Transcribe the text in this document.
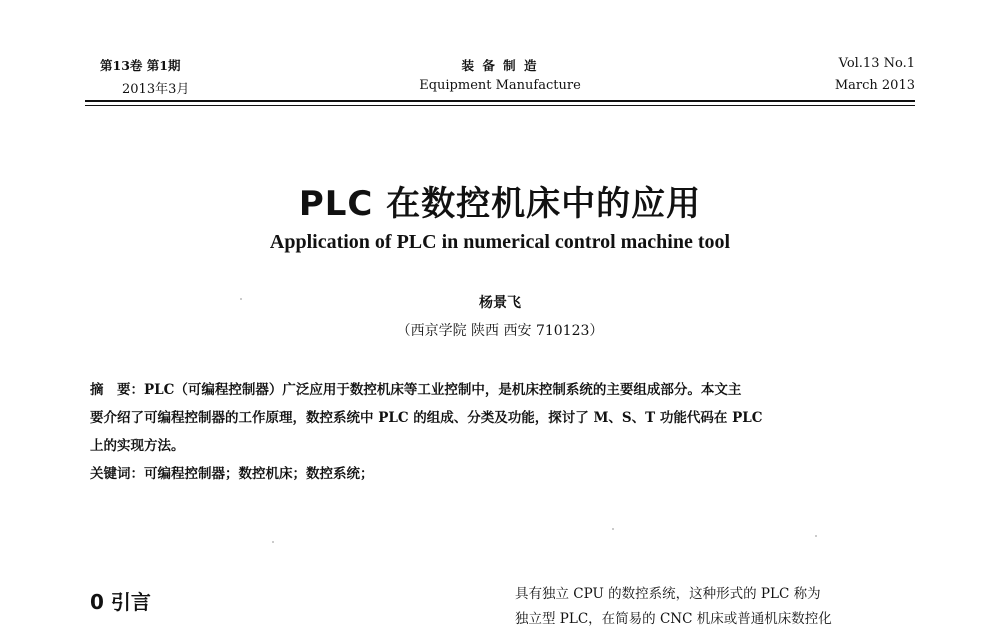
第13卷 第1期
2013年3月
装 备 制 造
Equipment Manufacture
Vol.13 No.1
March 2013
PLC 在数控机床中的应用
Application of PLC in numerical control machine tool
杨景飞
（西京学院 陕西 西安 710123）
摘　要：PLC（可编程控制器）广泛应用于数控机床等工业控制中，是机床控制系统的主要组成部分。本文主
要介绍了可编程控制器的工作原理，数控系统中 PLC 的组成、分类及功能，探讨了 M、S、T 功能代码在 PLC
上的实现方法。
关键词：可编程控制器；数控机床；数控系统；
0 引言	具有独立 CPU 的数控系统，这种形式的 PLC 称为
独立型 PLC，在简易的 CNC 机床或普通机床数控化
